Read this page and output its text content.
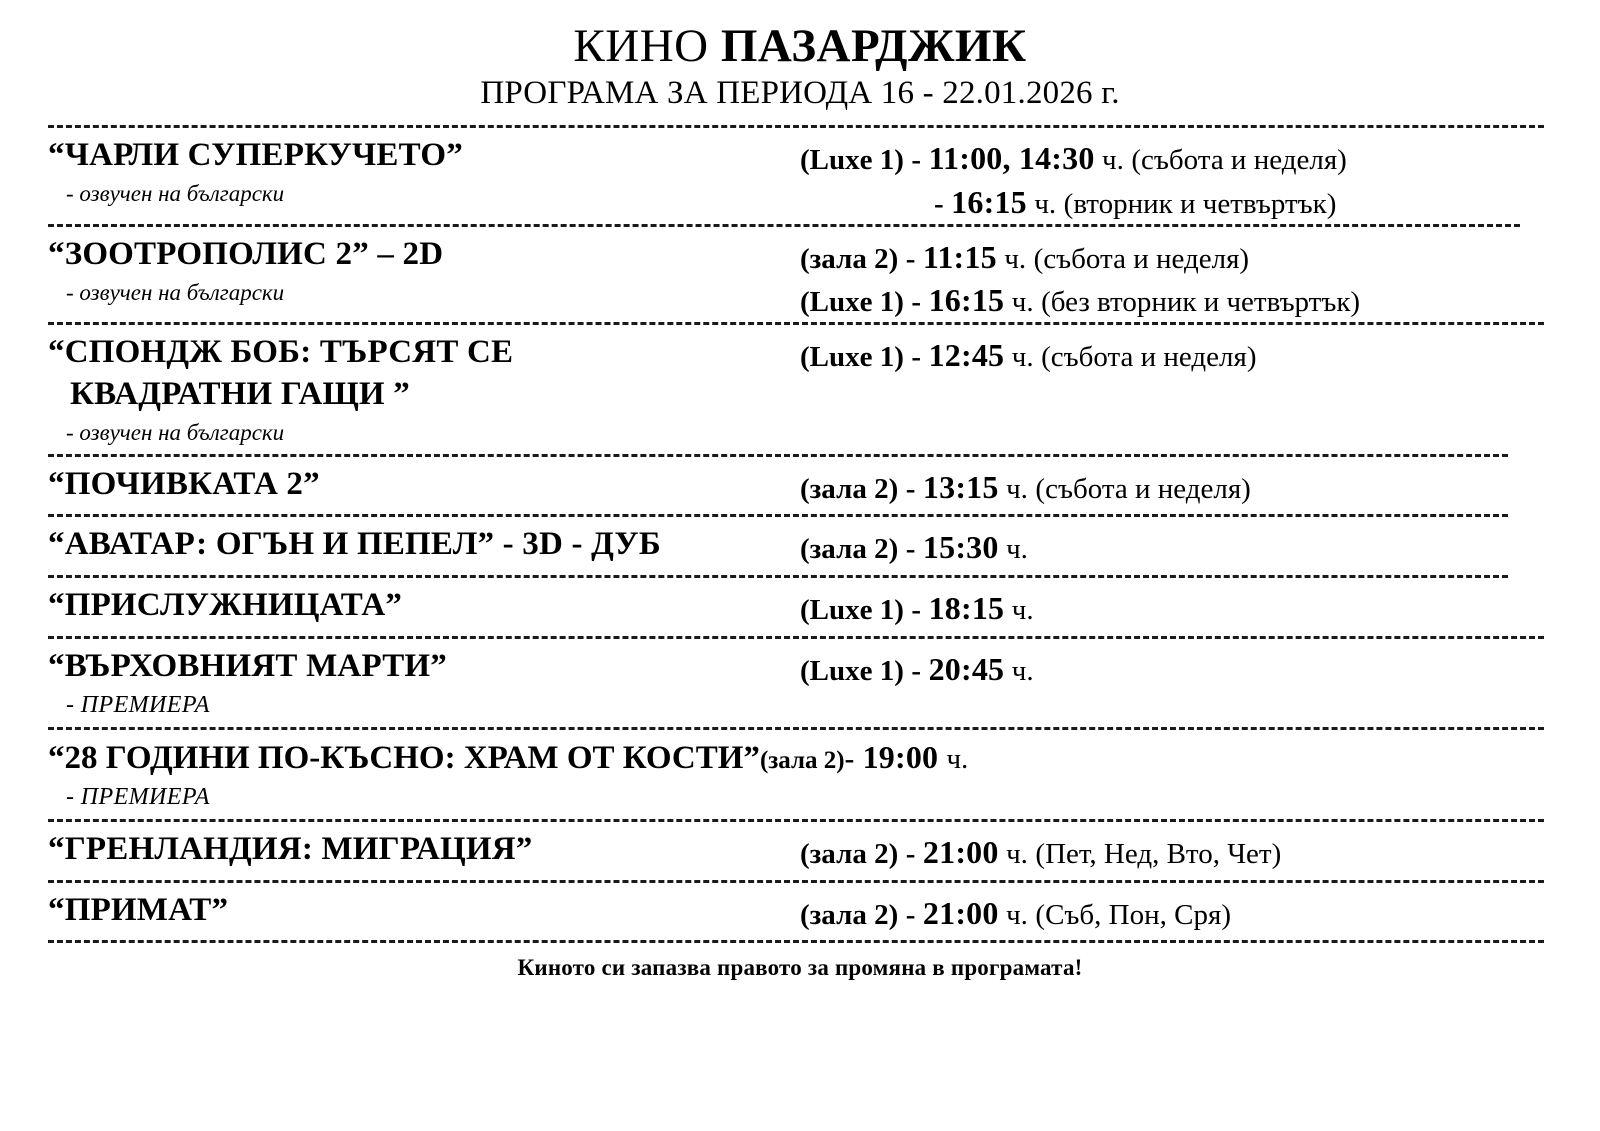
КИНО ПАЗАРДЖИК
ПРОГРАМА ЗА ПЕРИОДА 16 - 22.01.2026 г.
“ЧАРЛИ СУПЕРКУЧЕТО”
- озвучен на български
(Luxe 1) - 11:00, 14:30 ч. (събота и неделя)
- 16:15 ч. (вторник и четвъртък)
“ЗООТРОПОЛИС 2” – 2D
- озвучен на български
(зала 2) - 11:15 ч. (събота и неделя)
(Luxe 1) - 16:15 ч. (без вторник и четвъртък)
“СПОНДЖ БОБ: ТЪРСЯТ СЕ
КВАДРАТНИ ГАЩИ ”
- озвучен на български
(Luxe 1) - 12:45 ч. (събота и неделя)
“ПОЧИВКАТА 2”	(зала 2) - 13:15 ч. (събота и неделя)
“АВАТАР: ОГЪН И ПЕПЕЛ” - 3D - ДУБ	(зала 2) - 15:30 ч.
“ПРИСЛУЖНИЦАТА”	(Luxe 1) - 18:15 ч.
“ВЪРХОВНИЯТ МАРТИ”
- ПРЕМИЕРА
(Luxe 1) - 20:45 ч.
“28 ГОДИНИ ПО-КЪСНО: ХРАМ ОТ КОСТИ”(зала 2)- 19:00 ч.
- ПРЕМИЕРА
“ГРЕНЛАНДИЯ: МИГРАЦИЯ”	(зала 2) - 21:00 ч. (Пет, Нед, Вто, Чет)
“ПРИМАТ”	(зала 2) - 21:00 ч. (Съб, Пон, Сря)
Киното си запазва правото за промяна в програмата!
